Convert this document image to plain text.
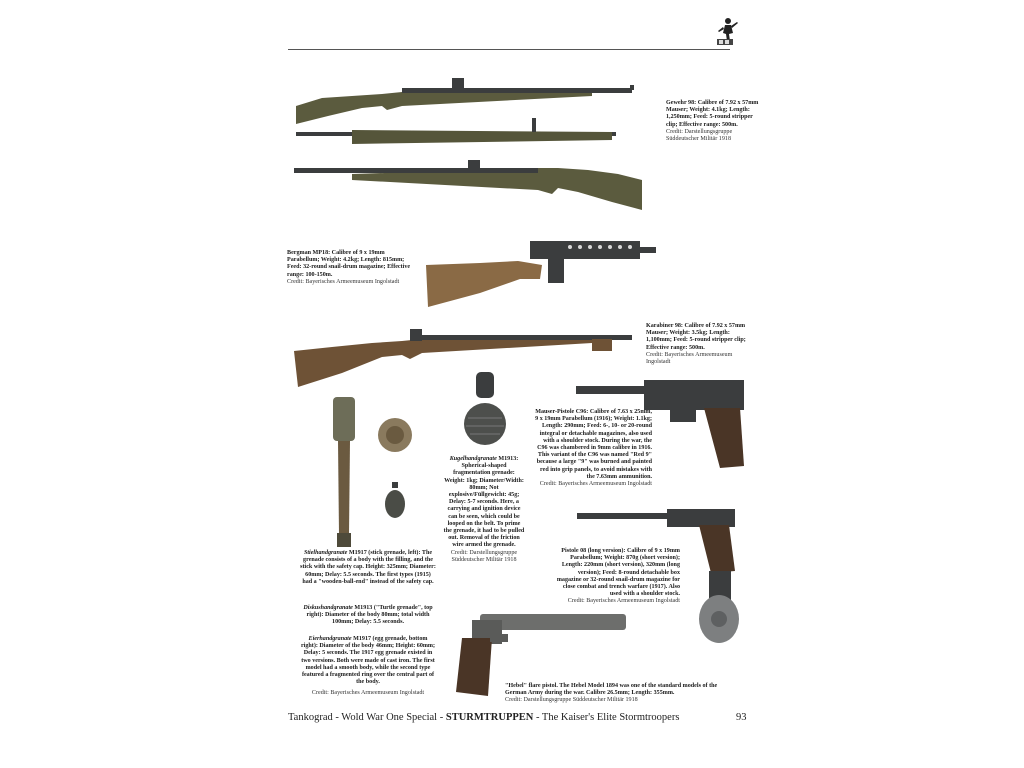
Gewehr 98: Calibre of 7.92 x 57mm Mauser; Weight: 4.1kg; Length: 1,250mm; Feed: 5-round stripper clip; Effective range: 500m.
Credit: Darstellungsgruppe Süddeutscher Militär 1918
Bergman MP18: Calibre of 9 x 19mm Parabellum; Weight: 4.2kg; Length: 815mm; Feed: 32-round snail-drum magazine; Effective range: 100-150m.
Credit: Bayerisches Armeemuseum Ingolstadt
Karabiner 98: Calibre of 7.92 x 57mm Mauser; Weight: 3.5kg; Length: 1,100mm; Feed: 5-round stripper clip; Effective range: 500m.
Credit: Bayerisches Armeemuseum Ingolstadt
Kugelhandgranate M1913: Spherical-shaped fragmentation grenade: Weight: 1kg; Diameter/Width: 80mm; Not explosive/Füllgewicht: 45g; Delay: 5-7 seconds. Here, a carrying and ignition device can be seen, which could be looped on the belt. To prime the grenade, it had to be pulled out. Removal of the friction wire armed the grenade.
Credit: Darstellungsgruppe Süddeutscher Militär 1918
Mauser-Pistole C96: Calibre of 7.63 x 25mm, 9 x 19mm Parabellum (1916); Weight: 1.1kg; Length: 290mm; Feed: 6-, 10- or 20-round integral or detachable magazines, also used with a shoulder stock. During the war, the C96 was chambered in 9mm calibre in 1916. This variant of the C96 was named "Red 9" because a large "9" was burned and painted red into grip panels, to avoid mistakes with the 7.63mm ammunition.
Credit: Bayerisches Armeemuseum Ingolstadt
Pistole 08 (long version): Calibre of 9 x 19mm Parabellum; Weight: 870g (short version); Length: 220mm (short version), 320mm (long version); Feed: 8-round detachable box magazine or 32-round snail-drum magazine for close combat and trench warfare (1917). Also used with a shoulder stock.
Credit: Bayerisches Armeemuseum Ingolstadt
Stielhandgranate M1917 (stick grenade, left): The grenade consists of a body with the filling, and the stick with the safety cap. Height: 325mm; Diameter: 60mm; Delay: 5.5 seconds. The first types (1915) had a "wooden-ball-end" instead of the safety cap.
Diskushandgranate M1913 ("Turtle grenade", top right): Diameter of the body 80mm; total width 100mm; Delay: 5.5 seconds.
Eierhandgranate M1917 (egg grenade, bottom right): Diameter of the body 46mm; Height: 60mm; Delay: 5 seconds. The 1917 egg grenade existed in two versions. Both were made of cast iron. The first model had a smooth body, while the second type featured a fragmented ring over the central part of the body.
Credit: Bayerisches Armeemuseum Ingolstadt
"Hebel" flare pistol. The Hebel Model 1894 was one of the standard models of the German Army during the war. Calibre 26.5mm; Length: 355mm.
Credit: Darstellungsgruppe Süddeutscher Militär 1918
Tankograd - Wold War One Special - STURMTRUPPEN - The Kaiser's Elite Stormtroopers	93
